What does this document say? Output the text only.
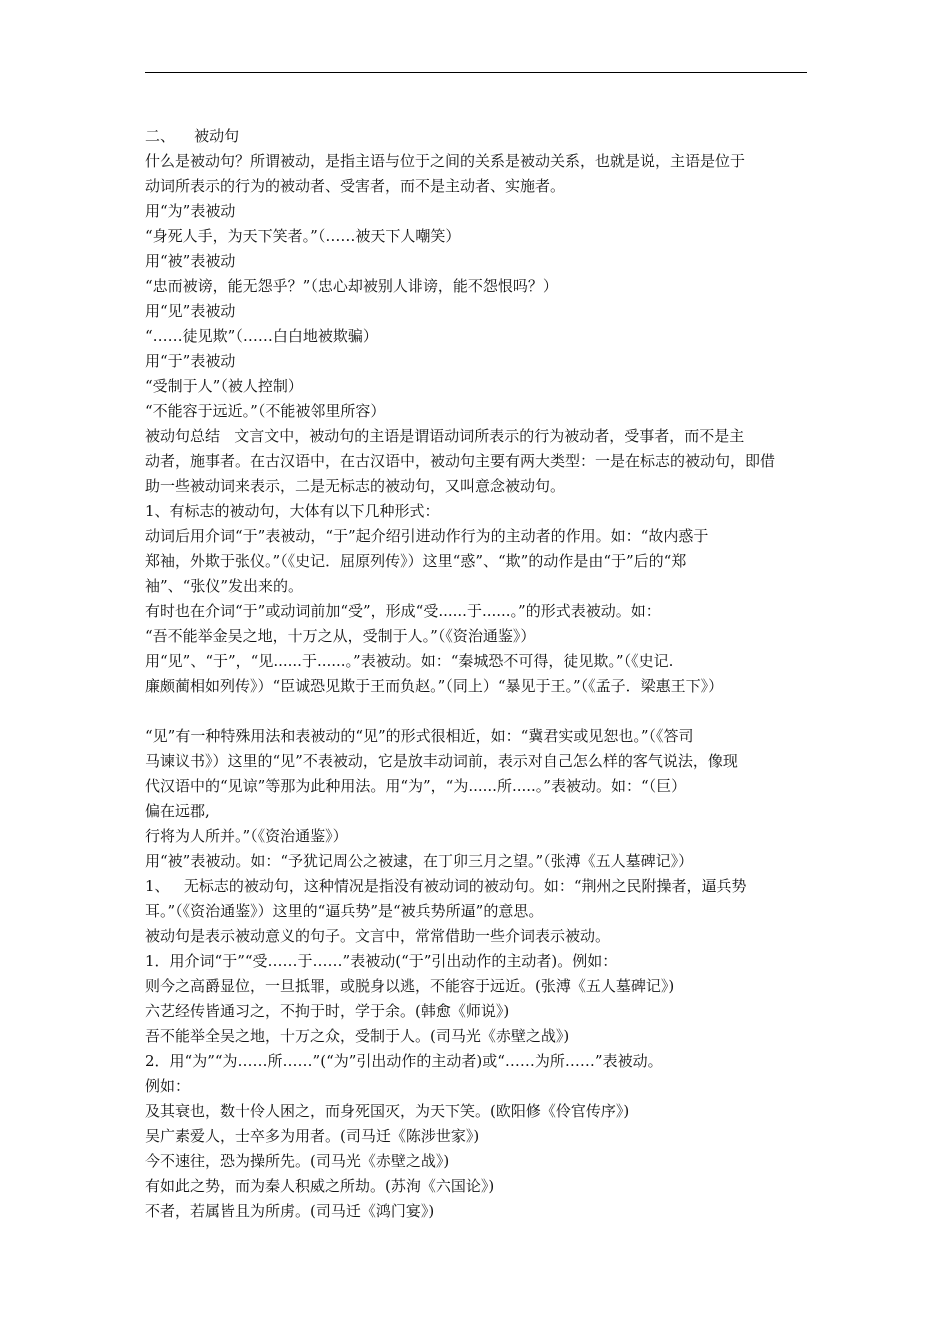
二、    被动句
什么是被动句？所谓被动，是指主语与位于之间的关系是被动关系，也就是说，主语是位于
动词所表示的行为的被动者、受害者，而不是主动者、实施者。
用“为”表被动
“身死人手，为天下笑者。”（……被天下人嘲笑）
用“被”表被动
“忠而被谤，能无怨乎？”（忠心却被别人诽谤，能不怨恨吗？）
用“见”表被动
“……徒见欺”（……白白地被欺骗）
用“于”表被动
“受制于人”（被人控制）
“不能容于远近。”（不能被邻里所容）
被动句总结   文言文中，被动句的主语是谓语动词所表示的行为被动者，受事者，而不是主
动者，施事者。在古汉语中，在古汉语中，被动句主要有两大类型：一是在标志的被动句，即借
助一些被动词来表示，二是无标志的被动句，又叫意念被动句。
1、有标志的被动句，大体有以下几种形式：
动词后用介词“于”表被动，“于”起介绍引进动作行为的主动者的作用。如：“故内惑于
郑袖，外欺于张仪。”（《史记．屈原列传》）这里“惑”、“欺”的动作是由“于”后的“郑
袖”、“张仪”发出来的。
有时也在介词“于”或动词前加“受”，形成“受......于......。”的形式表被动。如：
“吾不能举金吴之地，十万之从，受制于人。”（《资治通鉴》）
用“见”、“于”，“见......于......。”表被动。如：“秦城恐不可得，徒见欺。”（《史记.
廉颇蔺相如列传》）“臣诚恐见欺于王而负赵。”（同上）“暴见于王。”（《孟子．梁惠王下》）
“见”有一种特殊用法和表被动的“见”的形式很相近，如：“冀君实或见恕也。”（《答司
马谏议书》）这里的“见”不表被动，它是放丰动词前，表示对自己怎么样的客气说法，像现
代汉语中的“见谅”等那为此种用法。用“为”，“为......所.....。”表被动。如：“（巨）
偏在远郡,
行将为人所并。”（《资治通鉴》）
用“被”表被动。如：“予犹记周公之被逮，在丁卯三月之望。”（张溥《五人墓碑记》）
1、   无标志的被动句，这种情况是指没有被动词的被动句。如：“荆州之民附操者，逼兵势
耳。”（《资治通鉴》）这里的“逼兵势”是“被兵势所逼”的意思。
被动句是表示被动意义的句子。文言中，常常借助一些介词表示被动。
1．用介词“于”“受……于……”表被动(“于”引出动作的主动者)。例如：
则今之高爵显位，一旦抵罪，或脱身以逃，不能容于远近。(张溥《五人墓碑记》)
六艺经传皆通习之，不拘于时，学于余。(韩愈《师说》)
吾不能举全吴之地，十万之众，受制于人。(司马光《赤壁之战》)
2．用“为”“为……所……”(“为”引出动作的主动者)或“……为所……”表被动。
例如：
及其衰也，数十伶人困之，而身死国灭，为天下笑。(欧阳修《伶官传序》)
吴广素爱人，士卒多为用者。(司马迁《陈涉世家》)
今不速往，恐为操所先。(司马光《赤壁之战》)
有如此之势，而为秦人积威之所劫。(苏洵《六国论》)
不者，若属皆且为所虏。(司马迁《鸿门宴》)
